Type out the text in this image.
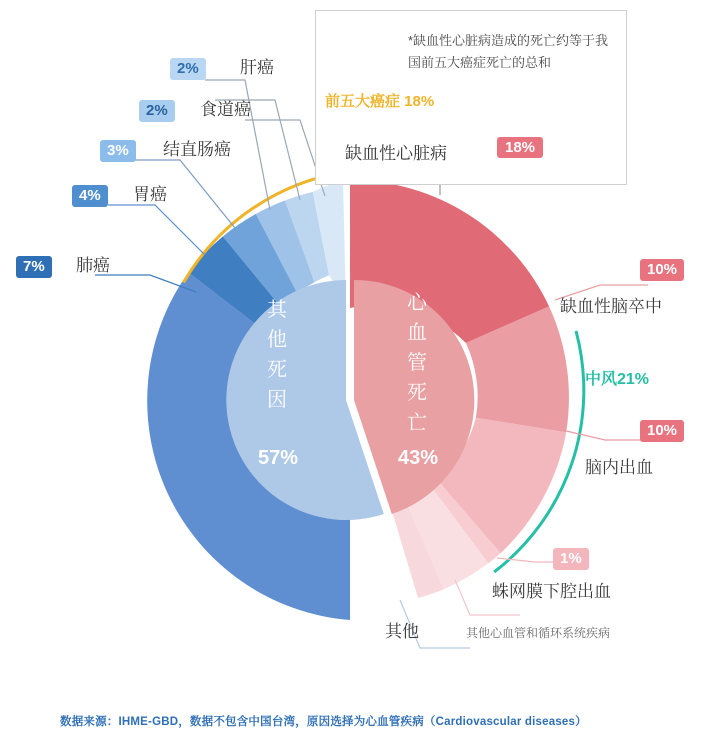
*缺血性心脏病造成的死亡约等于我国前五大癌症死亡的总和
前五大癌症 18%
缺血性心脏病	18%
2%	肝癌
2%	食道癌
3%	结直肠癌
4%	胃癌
7%	肺癌	10%
缺血性脑卒中
中风21%
10%
脑内出血
1%
蛛网膜下腔出血
其他心血管和循环系统疾病
其他
心
血
管
死
亡
43%
其
他
死
因
57%
数据来源：IHME-GBD，数据不包含中国台湾，原因选择为心血管疾病（Cardiovascular diseases）
